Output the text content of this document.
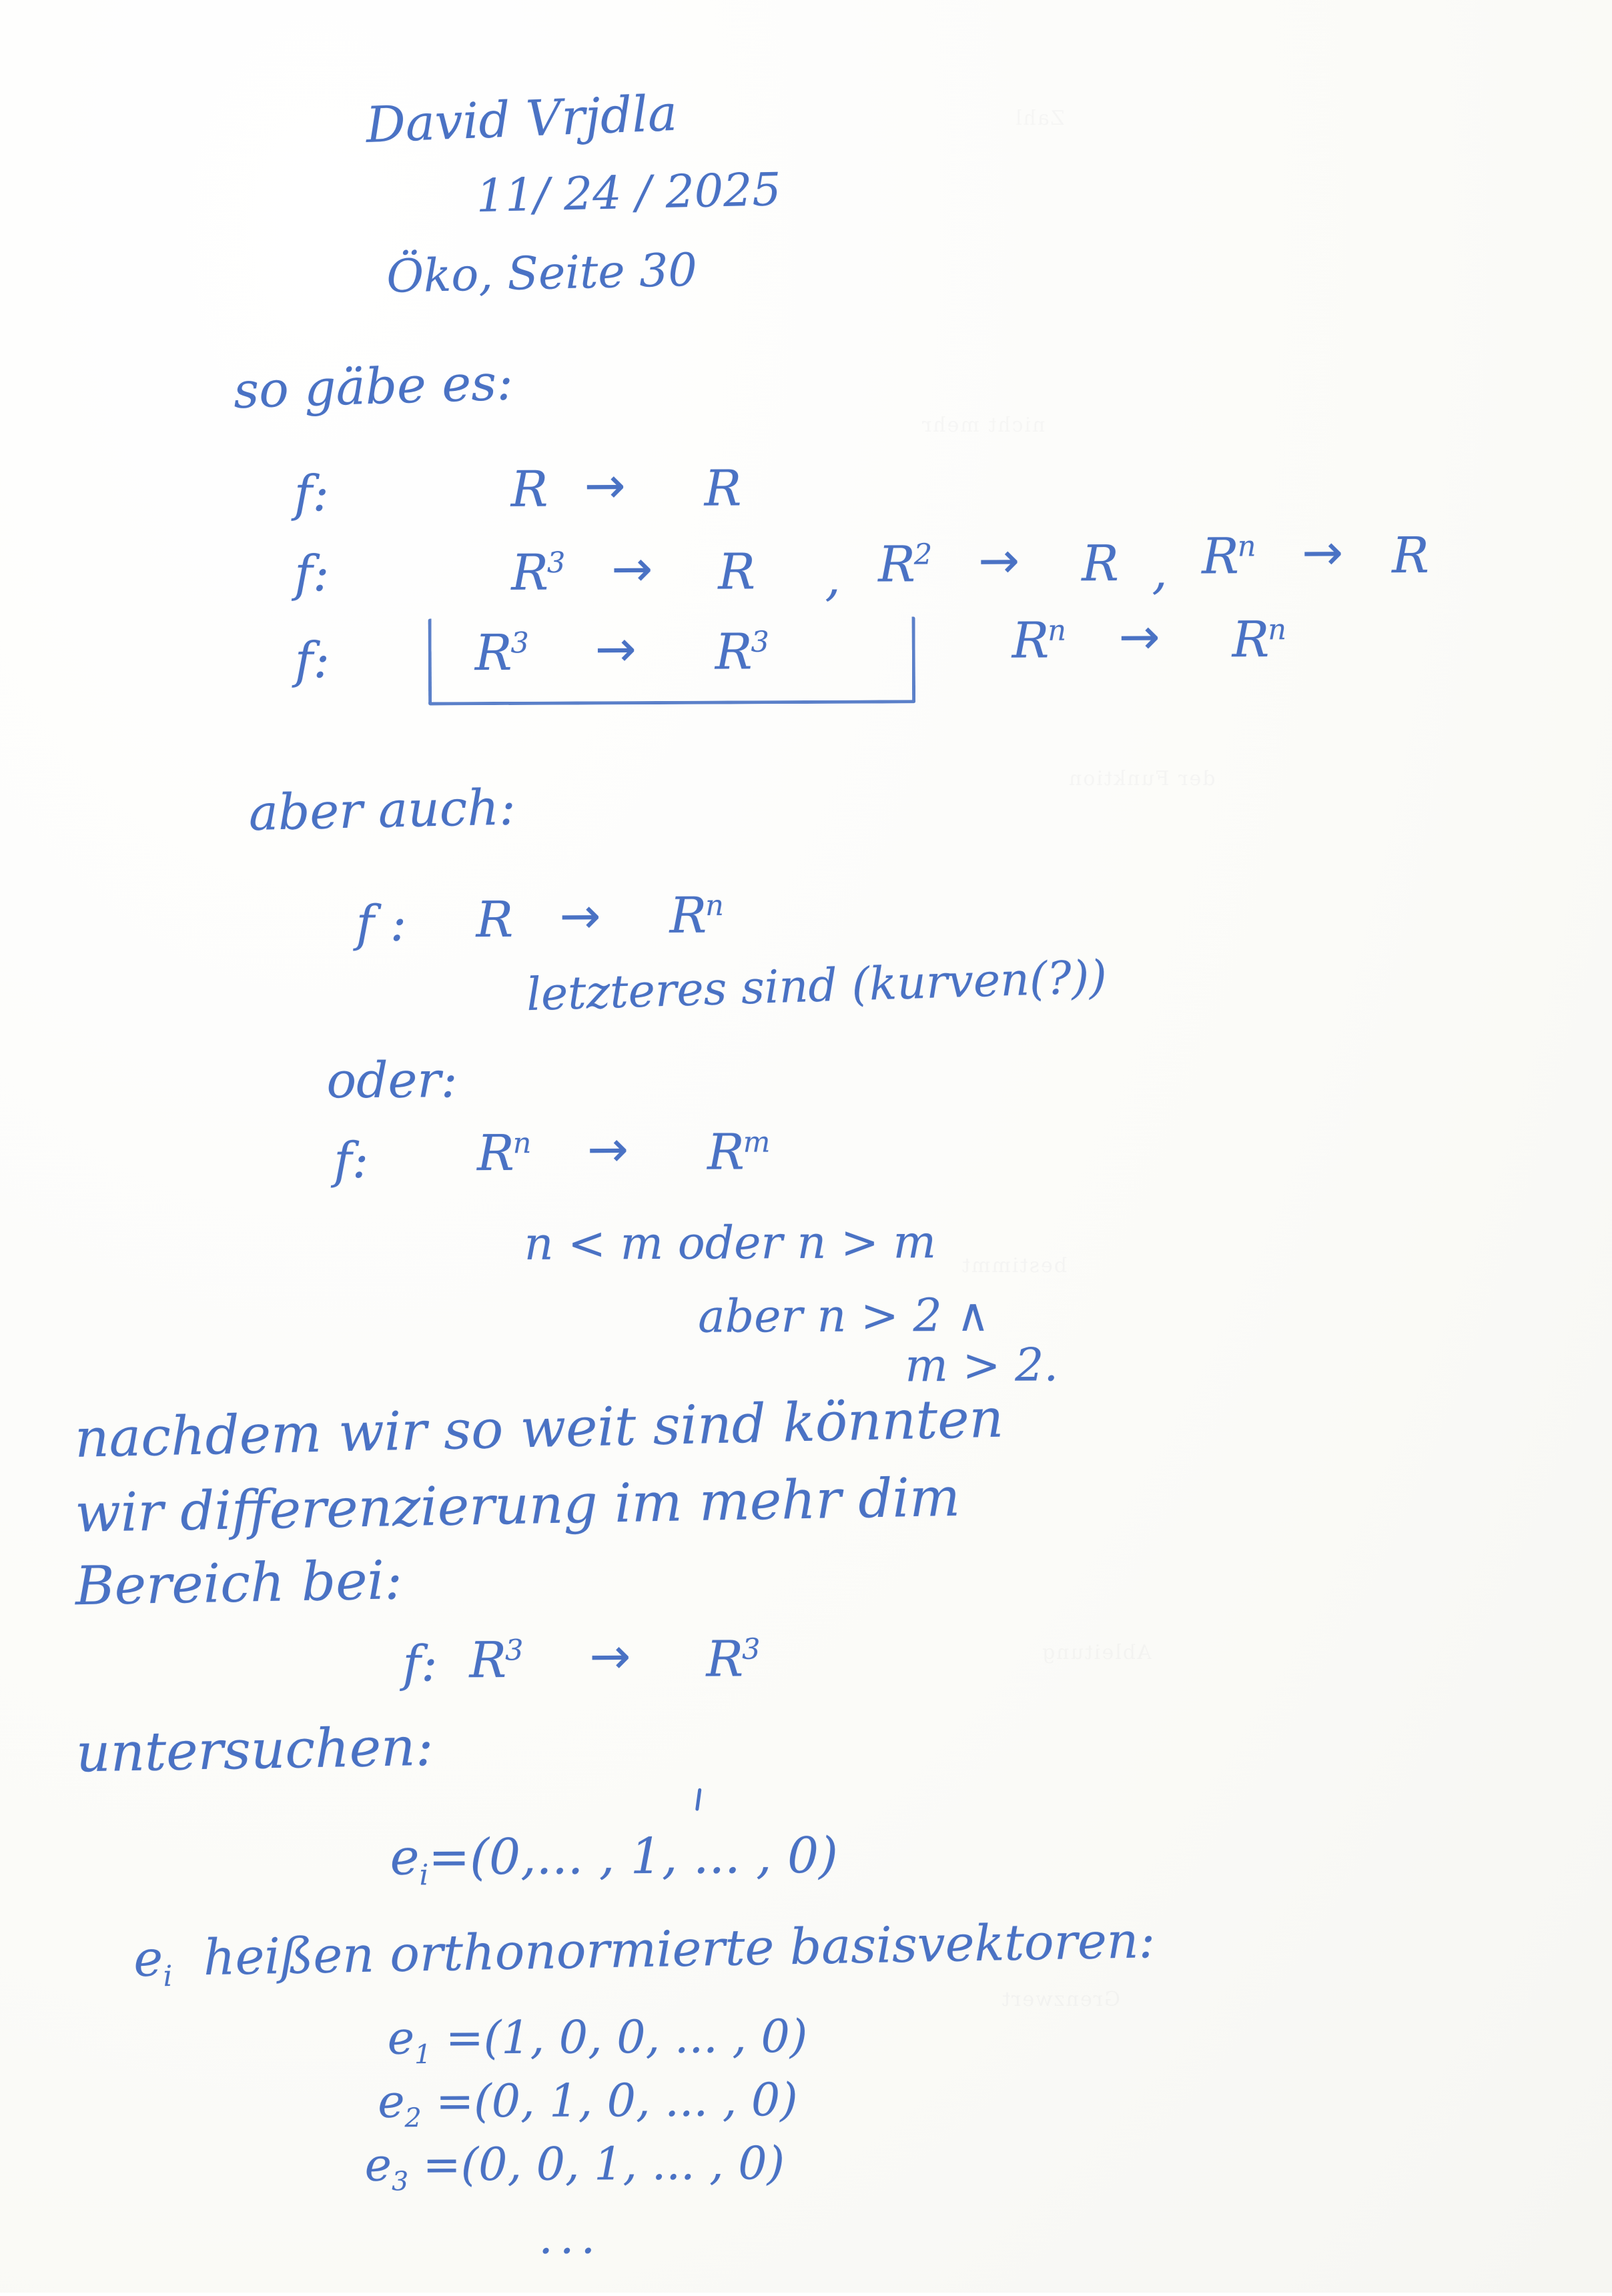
Zahl
nicht mehr
der Funktion
bestimmt
Ableitung
Grenzwert
David Vrjdla
11/ 24 / 2025
Öko, Seite 30
so gäbe es:
f:	R → R
f:	$R^3 \to R$ , $R^2 \to R$ , $R^n \to R$
f:	$R^3 \to R^3$	$R^n \to R^n$
aber auch:
f : $R \to R^n$
letzteres sind (kurven(?))
oder:
f: $R^n \to R^m$
n < m oder n > m
aber n > 2 ∧
m > 2.
nachdem wir so weit sind könnten
wir differenzierung im mehr dim
Bereich bei:
f: $R^3 \to R^3$
untersuchen:
$e_i=(0$,... , 1, ... , 0)
$e_i$ heißen orthonormierte basisvektoren:
$e_1 =(1$, 0, 0, ... , 0)
$e_2 =(0$, 1, 0, ... , 0)
$e_3 =(0$, 0, 1, ... , 0)
...
